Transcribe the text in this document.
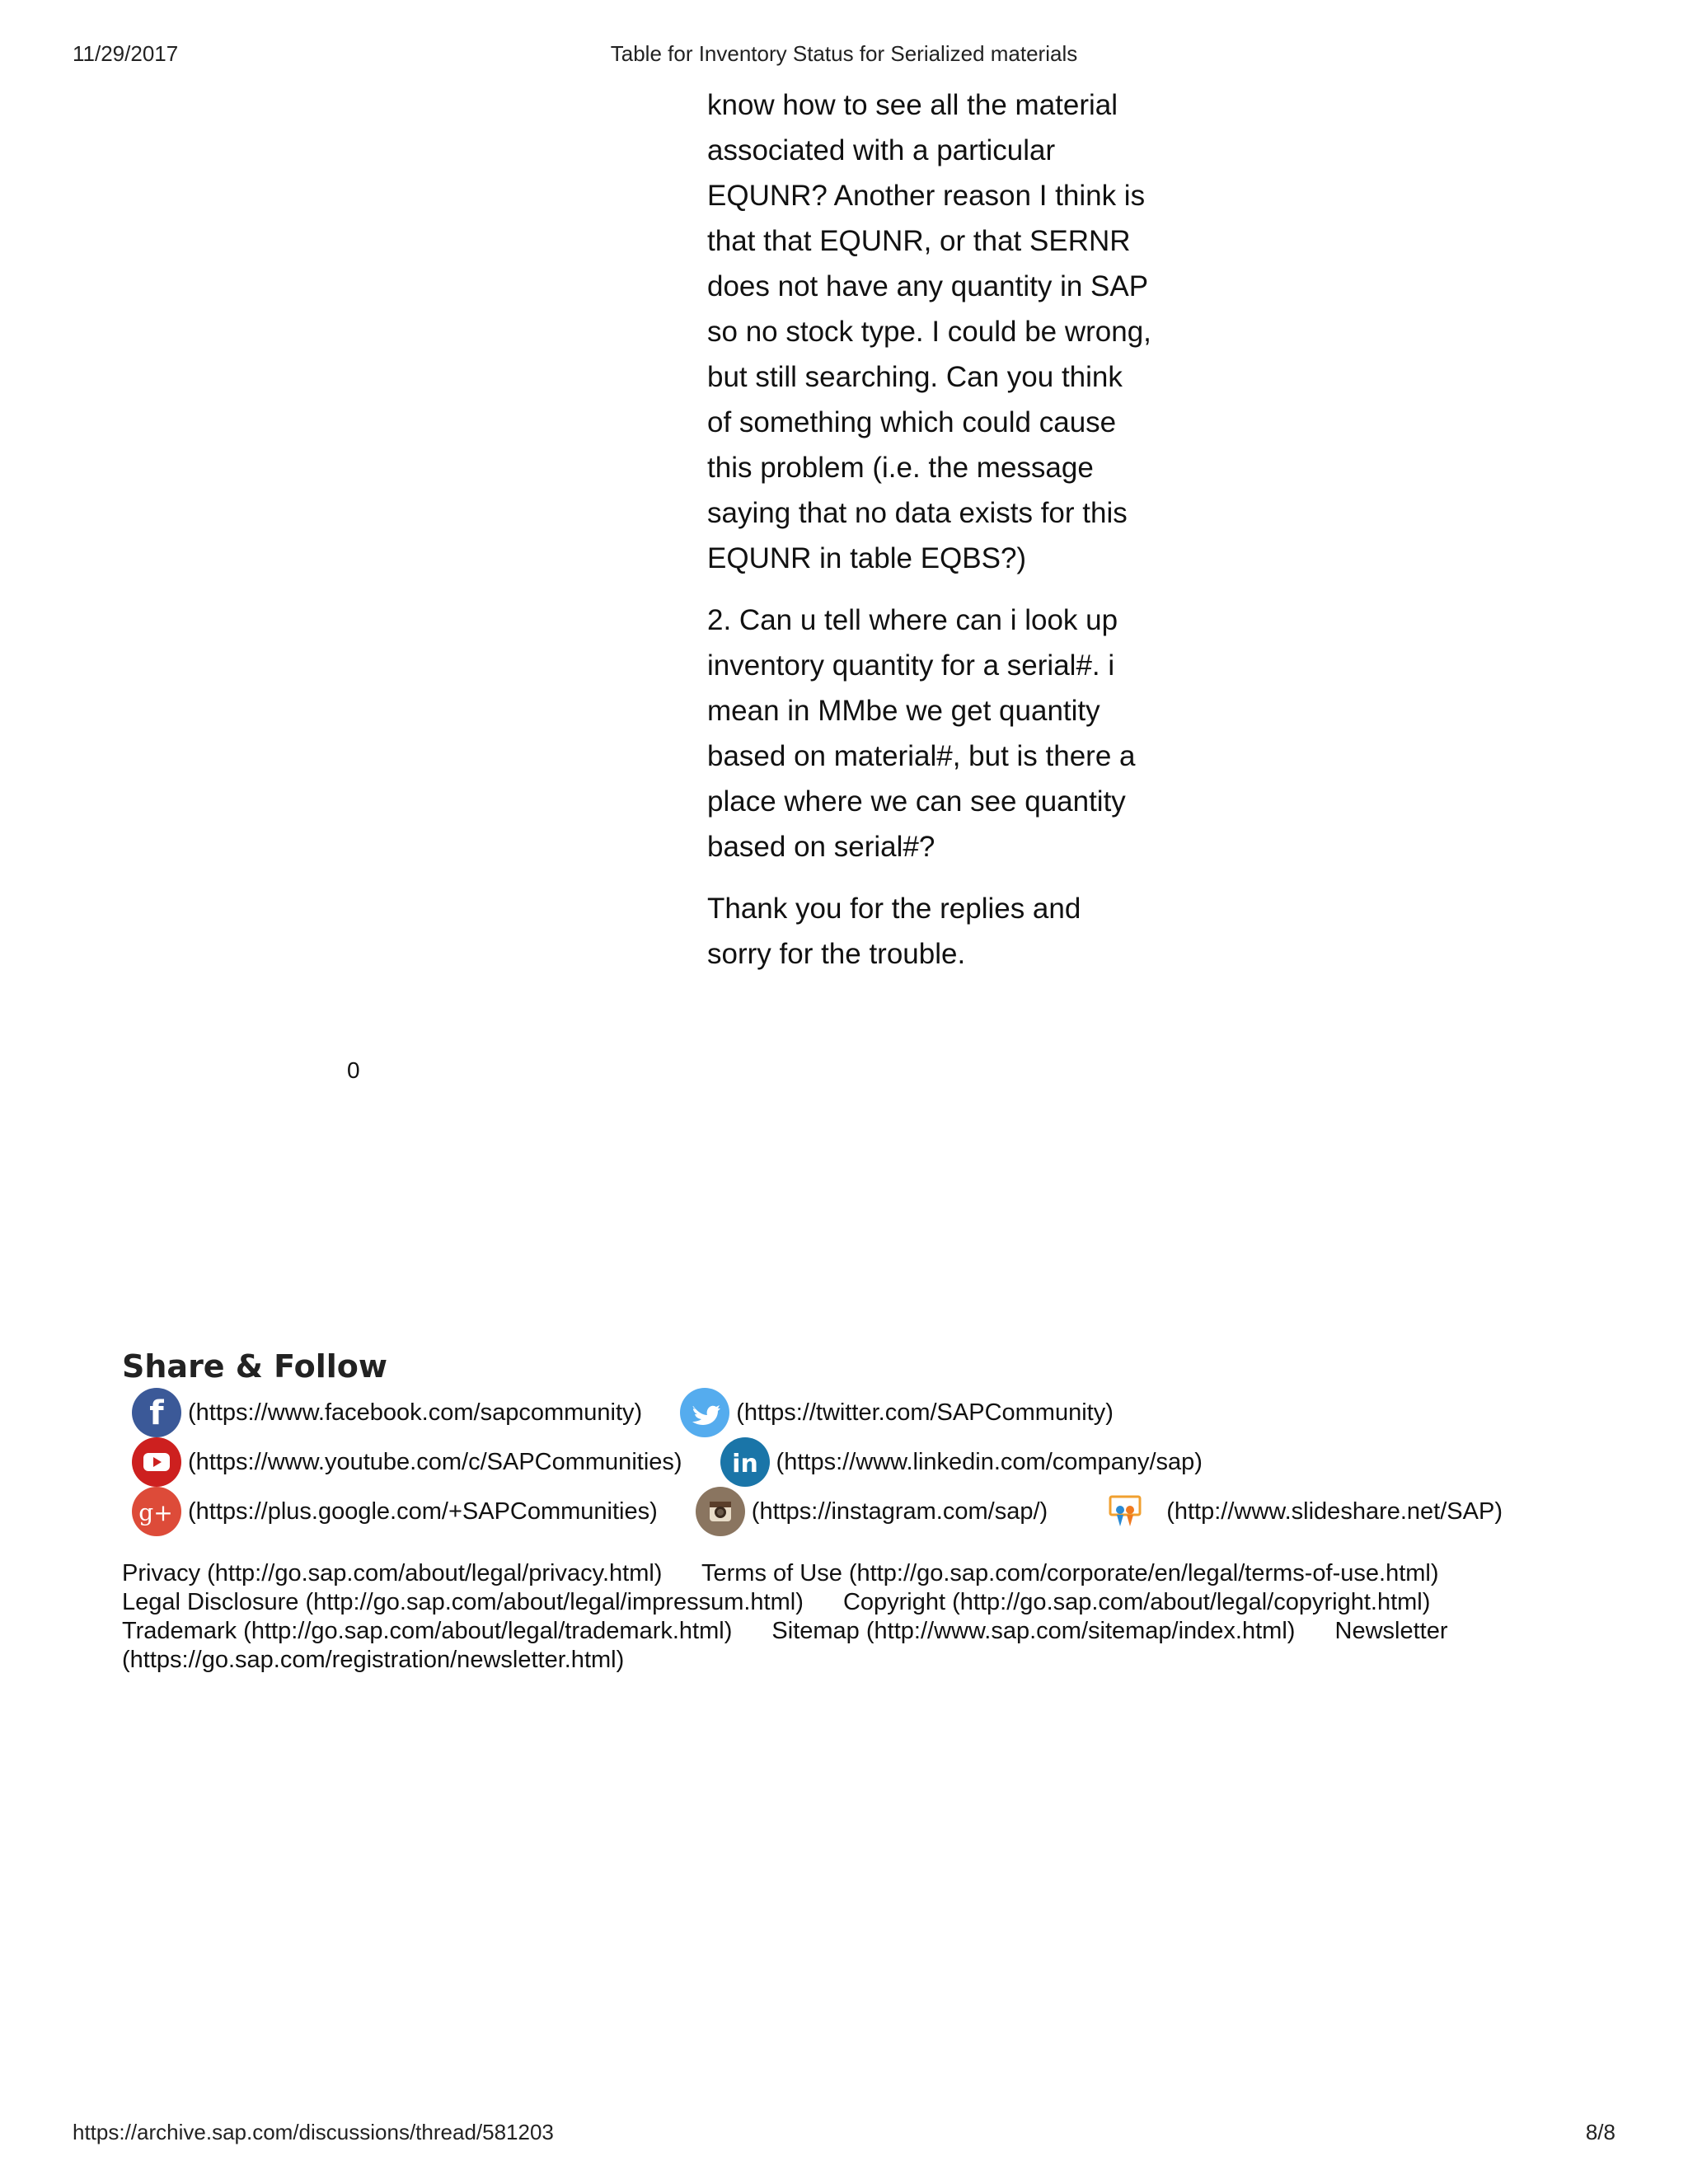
11/29/2017	Table for Inventory Status for Serialized materials

know how to see all the material associated with a particular EQUNR? Another reason I think is that that EQUNR, or that SERNR does not have any quantity in SAP so no stock type. I could be wrong, but still searching. Can you think of something which could cause this problem (i.e. the message saying that no data exists for this EQUNR in table EQBS?)

2. Can u tell where can i look up inventory quantity for a serial#. i mean in MMbe we get quantity based on material#, but is there a place where we can see quantity based on serial#?

Thank you for the replies and sorry for the trouble.

0
Share & Follow
f (https://www.facebook.com/sapcommunity)	(https://twitter.com/SAPCommunity)
(https://www.youtube.com/c/SAPCommunities) in (https://www.linkedin.com/company/sap)
g+ (https://plus.google.com/+SAPCommunities)	(https://instagram.com/sap/)	(http://www.slideshare.net/SAP)
Privacy (http://go.sap.com/about/legal/privacy.html) Terms of Use (http://go.sap.com/corporate/en/legal/terms-of-use.html)
Legal Disclosure (http://go.sap.com/about/legal/impressum.html) Copyright (http://go.sap.com/about/legal/copyright.html)
Trademark (http://go.sap.com/about/legal/trademark.html) Sitemap (http://www.sap.com/sitemap/index.html) Newsletter
(https://go.sap.com/registration/newsletter.html)
https://archive.sap.com/discussions/thread/581203	8/8
